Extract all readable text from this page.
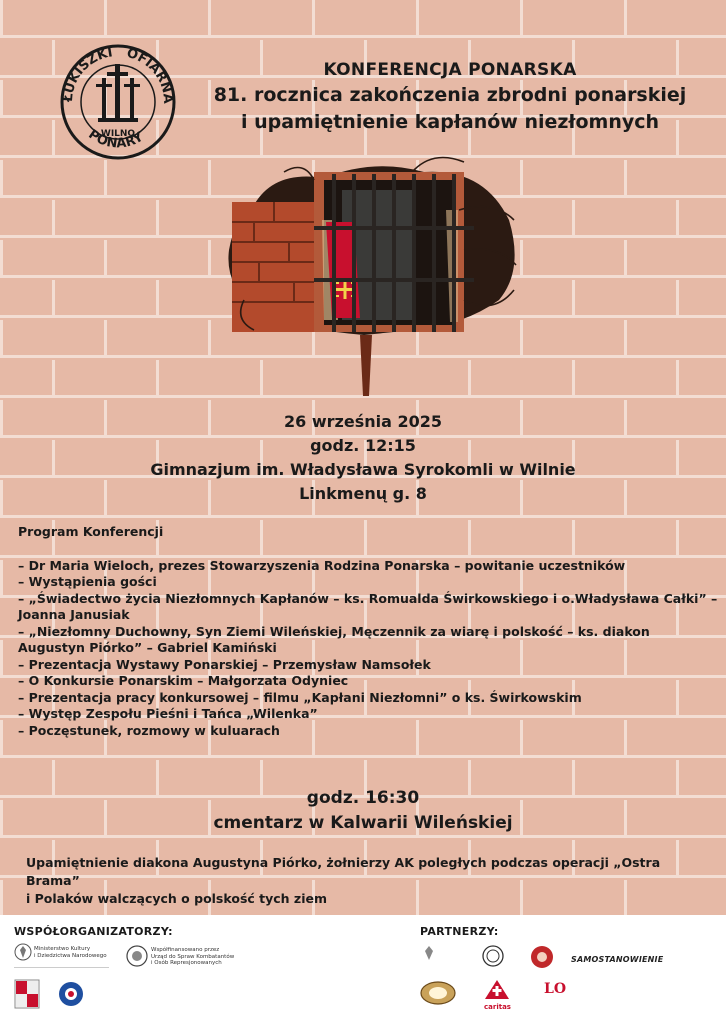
ŁUKISZKI OFIARNA
PONARY
WILNO
KONFERENCJA PONARSKA
81. rocznica zakończenia zbrodni ponarskiej
i upamiętnienie kapłanów niezłomnych
26 września 2025
godz. 12:15
Gimnazjum im. Władysława Syrokomli w Wilnie
Linkmenų g. 8
Program Konferencji
– Dr Maria Wieloch, prezes Stowarzyszenia Rodzina Ponarska – powitanie uczestników
– Wystąpienia gości
– „Świadectwo życia Niezłomnych Kapłanów – ks. Romualda Świrkowskiego i o.Władysława Całki” – Joanna Janusiak
– „Niezłomny Duchowny, Syn Ziemi Wileńskiej, Męczennik za wiarę i polskość – ks. diakon Augustyn Piórko” – Gabriel Kamiński
– Prezentacja Wystawy Ponarskiej – Przemysław Namsołek
– O Konkursie Ponarskim – Małgorzata Odyniec
– Prezentacja pracy konkursowej – filmu „Kapłani Niezłomni” o ks. Świrkowskim
– Występ Zespołu Pieśni i Tańca „Wilenka”
– Poczęstunek, rozmowy w kuluarach
godz. 16:30
cmentarz w Kalwarii Wileńskiej
Upamiętnienie diakona Augustyna Piórko, żołnierzy AK poległych podczas operacji „Ostra Brama”
i Polaków walczących o polskość tych ziem
WSPÓŁORGANIZATORZY:	PARTNERZY:
Ministerstwo Kultury
i Dziedzictwa Narodowego
Współfinansowano przez
Urząd do Spraw Kombatantów
i Osób Represjonowanych	SAMOSTANOWIENIE
caritas
LO
